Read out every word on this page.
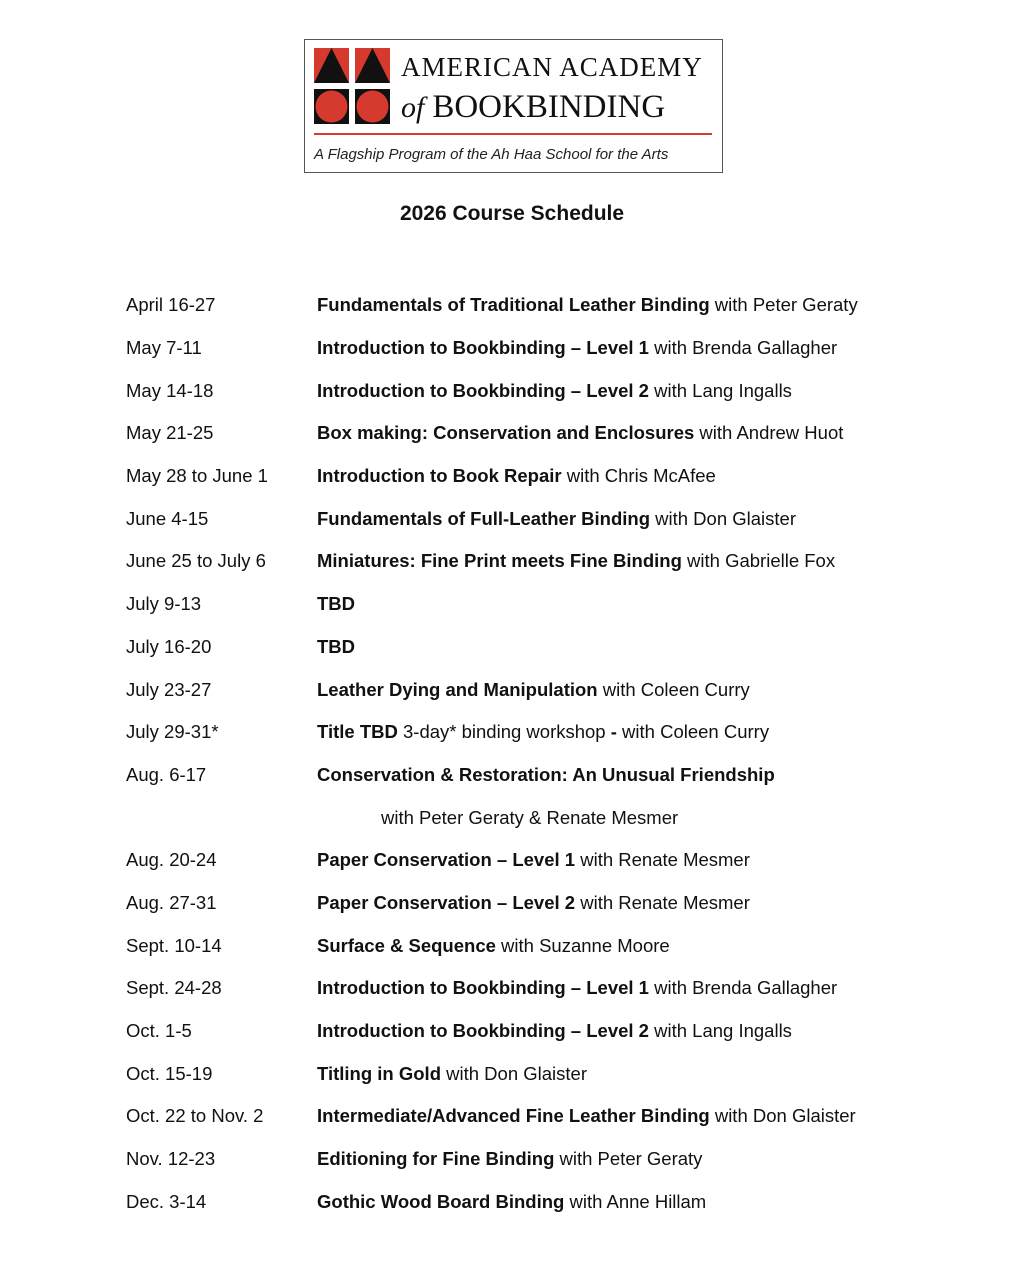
AMERICAN ACADEMY
of BOOKBINDING
A Flagship Program of the Ah Haa School for the Arts
2026 Course Schedule
April 16-27	Fundamentals of Traditional Leather Binding with Peter Geraty
May 7-11	Introduction to Bookbinding – Level 1 with Brenda Gallagher
May 14-18	Introduction to Bookbinding – Level 2 with Lang Ingalls
May 21-25	Box making: Conservation and Enclosures with Andrew Huot
May 28 to June 1	Introduction to Book Repair with Chris McAfee
June 4-15	Fundamentals of Full-Leather Binding with Don Glaister
June 25 to July 6	Miniatures: Fine Print meets Fine Binding with Gabrielle Fox
July 9-13	TBD
July 16-20	TBD
July 23-27	Leather Dying and Manipulation with Coleen Curry
July 29-31*	Title TBD 3-day* binding workshop - with Coleen Curry
Aug. 6-17	Conservation & Restoration: An Unusual Friendship
with Peter Geraty & Renate Mesmer
Aug. 20-24	Paper Conservation – Level 1 with Renate Mesmer
Aug. 27-31	Paper Conservation – Level 2 with Renate Mesmer
Sept. 10-14	Surface & Sequence with Suzanne Moore
Sept. 24-28	Introduction to Bookbinding – Level 1 with Brenda Gallagher
Oct. 1-5	Introduction to Bookbinding – Level 2 with Lang Ingalls
Oct. 15-19	Titling in Gold with Don Glaister
Oct. 22 to Nov. 2	Intermediate/Advanced Fine Leather Binding with Don Glaister
Nov. 12-23	Editioning for Fine Binding with Peter Geraty
Dec. 3-14	Gothic Wood Board Binding with Anne Hillam
